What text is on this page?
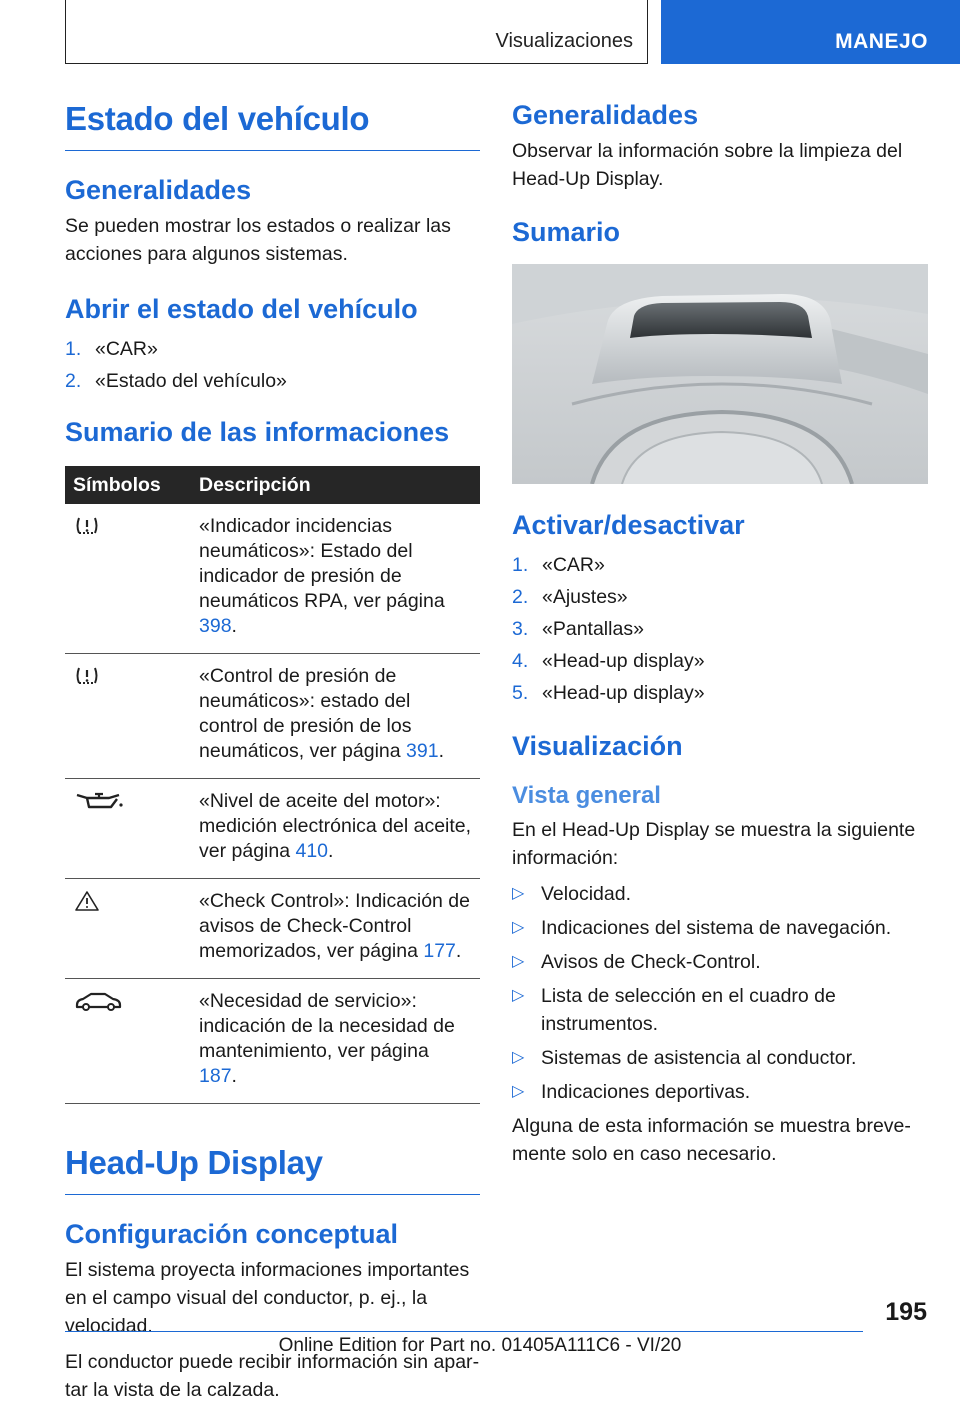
Visualizaciones	MANEJO
Estado del vehículo
Generalidades

Se pueden mostrar los estados o realizar las acciones para algunos sistemas.

Abrir el estado del vehículo
1. «CAR»
2. «Estado del vehículo»
Sumario de las informaciones
Símbolos	Descripción

	«Indicador incidencias neumáticos»: Estado del indicador de presión de neumáticos RPA, ver página 398.

	«Control de presión de neumáticos»: estado del control de presión de los neumáticos, ver página 391.

	«Nivel de aceite del motor»: medición electrónica del aceite, ver página 410.

	«Check Control»: Indicación de avisos de Check-Control memorizados, ver página 177.

	«Necesidad de servicio»: indicación de la necesidad de mantenimiento, ver página 187.
Head-Up Display
Configuración conceptual

El sistema proyecta informaciones importantes en el campo visual del conductor, p. ej., la velocidad.

El conductor puede recibir información sin apartar la vista de la calzada.

Generalidades

Observar la información sobre la limpieza del Head-Up Display.

Sumario
Activar/desactivar
1. «CAR»
2. «Ajustes»
3. «Pantallas»
4. «Head-up display»
5. «Head-up display»
Visualización
Vista general

En el Head-Up Display se muestra la siguiente información:

▷ Velocidad.
▷ Indicaciones del sistema de navegación.
▷ Avisos de Check-Control.
▷ Lista de selección en el cuadro de instrumentos.
▷ Sistemas de asistencia al conductor.
▷ Indicaciones deportivas.

Alguna de esta información se muestra brevemente solo en caso necesario.

195
Online Edition for Part no. 01405A111C6 - VI/20
